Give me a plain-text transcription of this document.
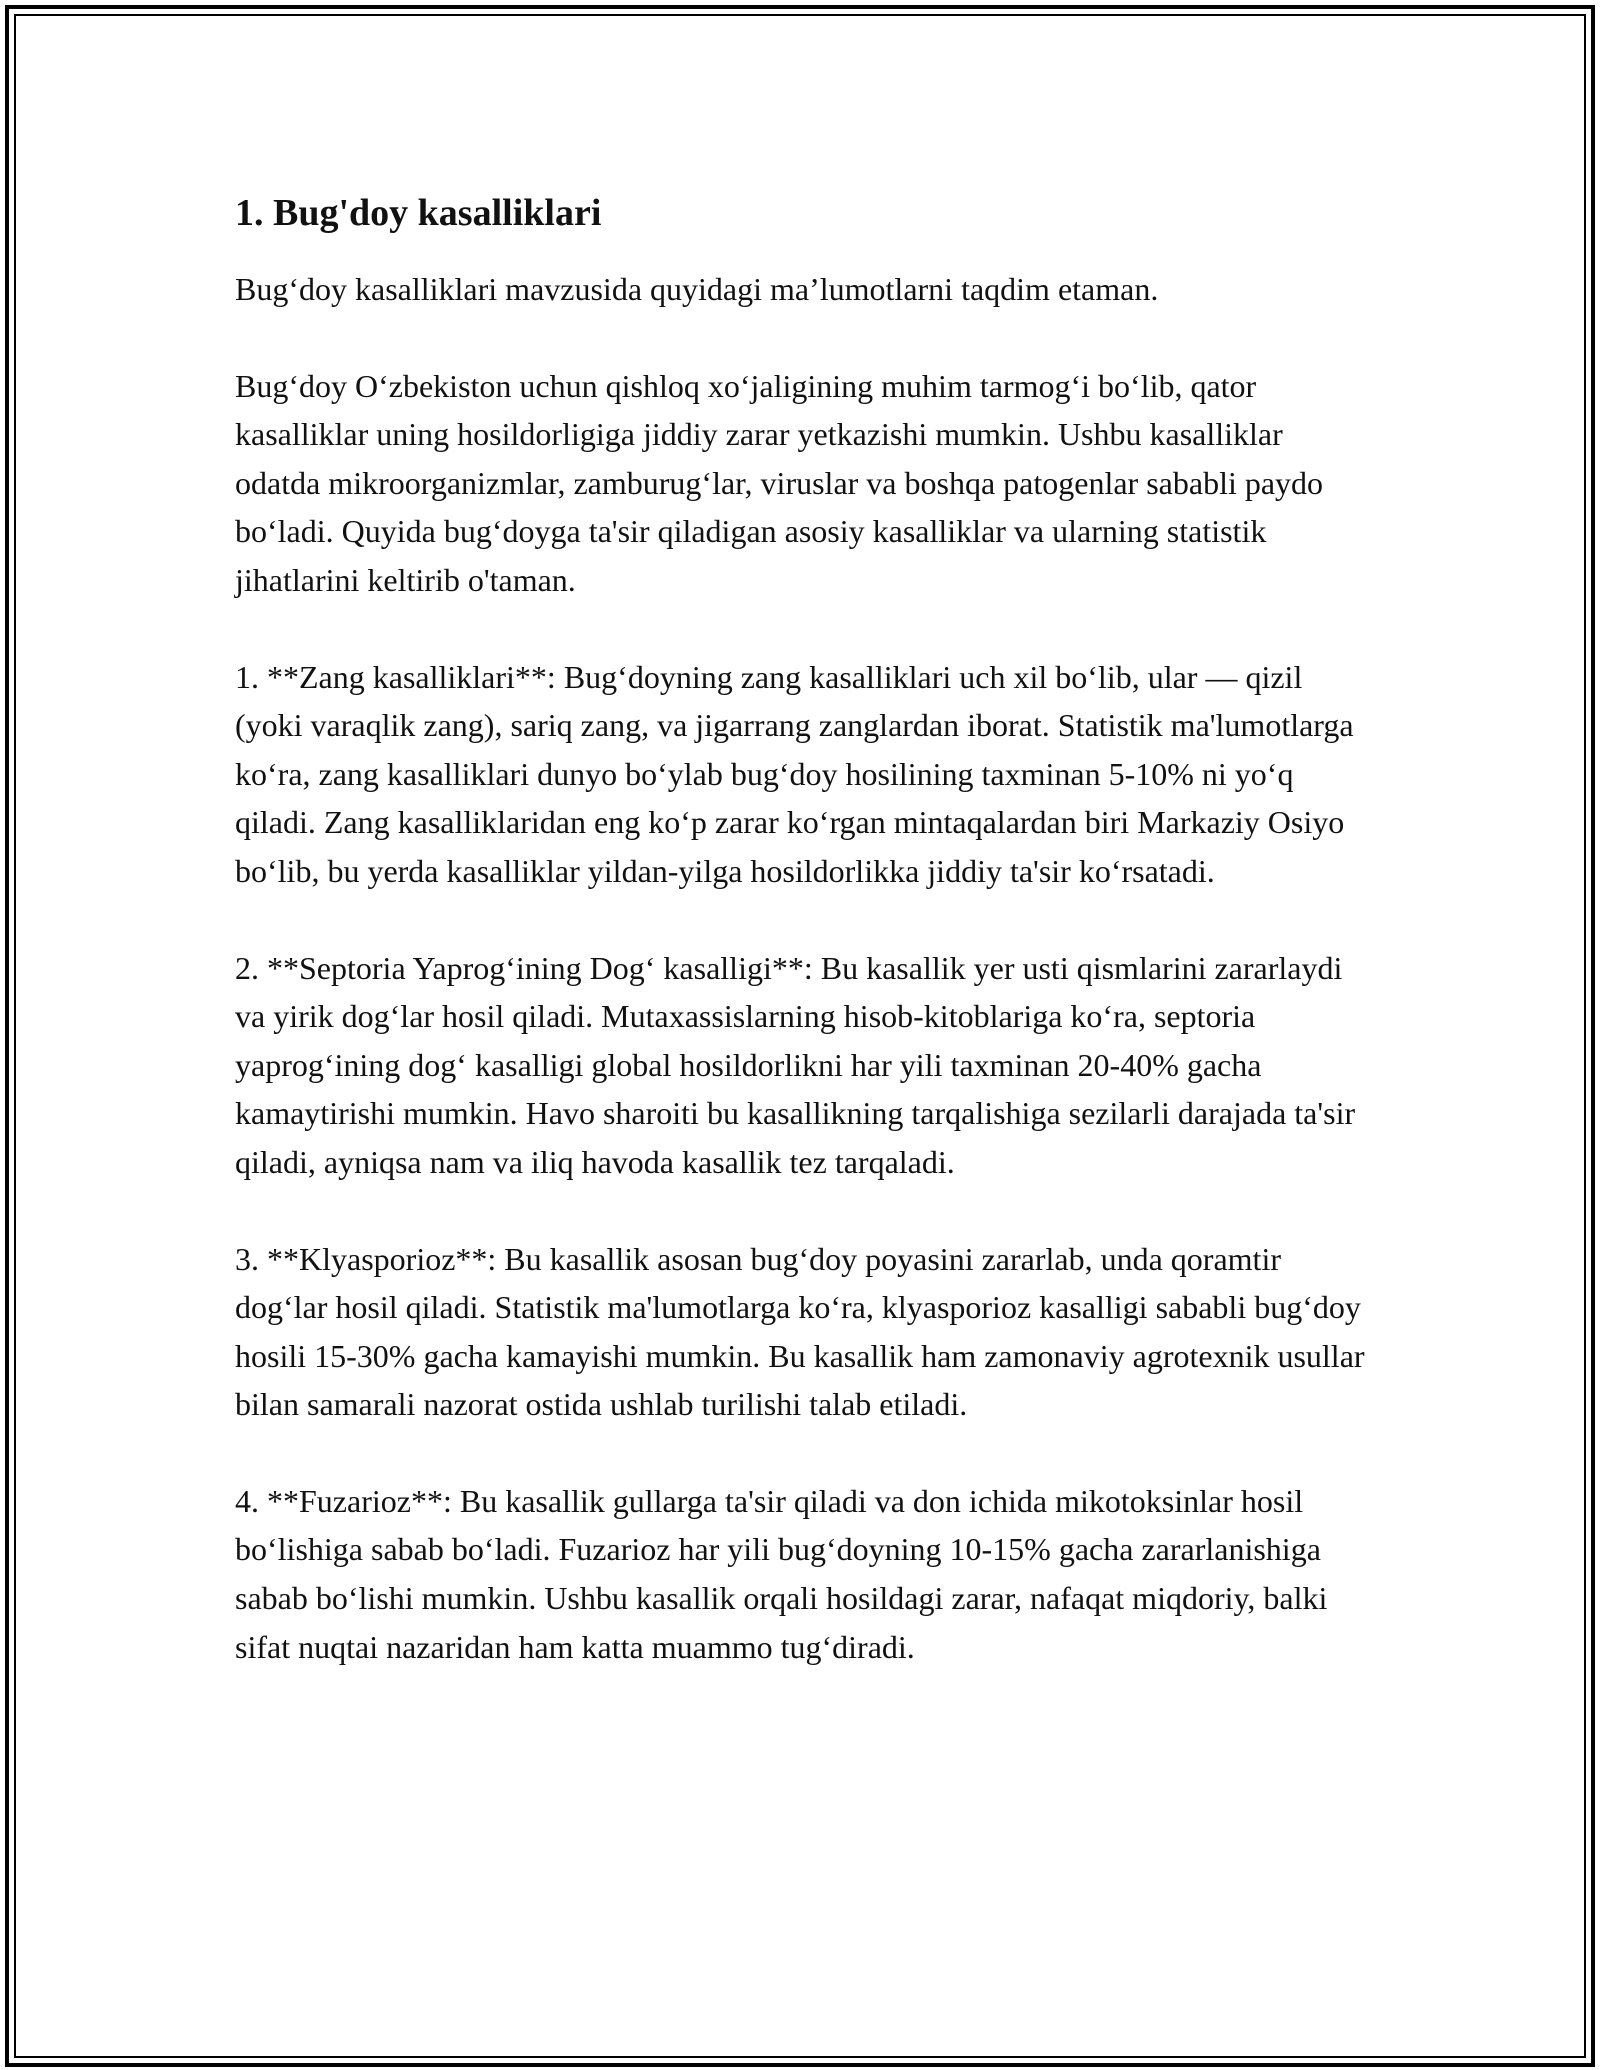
1. Bug'doy kasalliklari

Bug‘doy kasalliklari mavzusida quyidagi ma’lumotlarni taqdim etaman.

Bug‘doy O‘zbekiston uchun qishloq xo‘jaligining muhim tarmog‘i bo‘lib, qator kasalliklar uning hosildorligiga jiddiy zarar yetkazishi mumkin. Ushbu kasalliklar odatda mikroorganizmlar, zamburug‘lar, viruslar va boshqa patogenlar sababli paydo bo‘ladi. Quyida bug‘doyga ta'sir qiladigan asosiy kasalliklar va ularning statistik jihatlarini keltirib o'taman.

1. **Zang kasalliklari**: Bug‘doyning zang kasalliklari uch xil bo‘lib, ular — qizil (yoki varaqlik zang), sariq zang, va jigarrang zanglardan iborat. Statistik ma'lumotlarga ko‘ra, zang kasalliklari dunyo bo‘ylab bug‘doy hosilining taxminan 5-10% ni yo‘q qiladi. Zang kasalliklaridan eng ko‘p zarar ko‘rgan mintaqalardan biri Markaziy Osiyo bo‘lib, bu yerda kasalliklar yildan-yilga hosildorlikka jiddiy ta'sir ko‘rsatadi.

2. **Septoria Yaprog‘ining Dog‘ kasalligi**: Bu kasallik yer usti qismlarini zararlaydi va yirik dog‘lar hosil qiladi. Mutaxassislarning hisob-kitoblariga ko‘ra, septoria yaprog‘ining dog‘ kasalligi global hosildorlikni har yili taxminan 20-40% gacha kamaytirishi mumkin. Havo sharoiti bu kasallikning tarqalishiga sezilarli darajada ta'sir qiladi, ayniqsa nam va iliq havoda kasallik tez tarqaladi.

3. **Klyasporioz**: Bu kasallik asosan bug‘doy poyasini zararlab, unda qoramtir dog‘lar hosil qiladi. Statistik ma'lumotlarga ko‘ra, klyasporioz kasalligi sababli bug‘doy hosili 15-30% gacha kamayishi mumkin. Bu kasallik ham zamonaviy agrotexnik usullar bilan samarali nazorat ostida ushlab turilishi talab etiladi.

4. **Fuzarioz**: Bu kasallik gullarga ta'sir qiladi va don ichida mikotoksinlar hosil bo‘lishiga sabab bo‘ladi. Fuzarioz har yili bug‘doyning 10-15% gacha zararlanishiga sabab bo‘lishi mumkin. Ushbu kasallik orqali hosildagi zarar, nafaqat miqdoriy, balki sifat nuqtai nazaridan ham katta muammo tug‘diradi.
